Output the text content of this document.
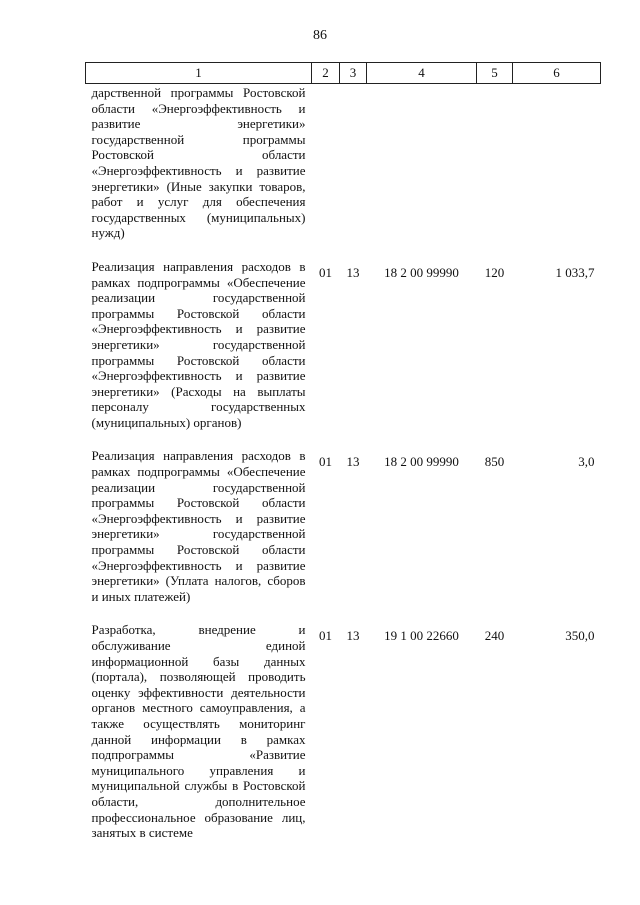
86
1	2	3	4	5	6
дарственной программы Ростовской области «Энергоэффективность и развитие энергетики» государственной программы Ростовской области «Энергоэффективность и развитие энергетики» (Иные закупки товаров, работ и услуг для обеспечения государственных (муниципальных) нужд)					
Реализация направления расходов в рамках подпрограммы «Обеспечение реализации государственной программы Ростовской области «Энергоэффективность и развитие энергетики» государственной программы Ростовской области «Энергоэффективность и развитие энергетики» (Расходы на выплаты персоналу государственных (муниципальных) органов)	01	13	18 2 00 99990	120	1 033,7
Реализация направления расходов в рамках подпрограммы «Обеспечение реализации государственной программы Ростовской области «Энергоэффективность и развитие энергетики» государственной программы Ростовской области «Энергоэффективность и развитие энергетики» (Уплата налогов, сборов и иных платежей)	01	13	18 2 00 99990	850	3,0
Разработка, внедрение и обслуживание единой информационной базы данных (портала), позволяющей проводить оценку эффективности деятельности органов местного самоуправления, а также осуществлять мониторинг данной информации в рамках подпрограммы «Развитие муниципального управления и муниципальной службы в Ростовской области, дополнительное профессиональное образование лиц, занятых в системе	01	13	19 1 00 22660	240	350,0
